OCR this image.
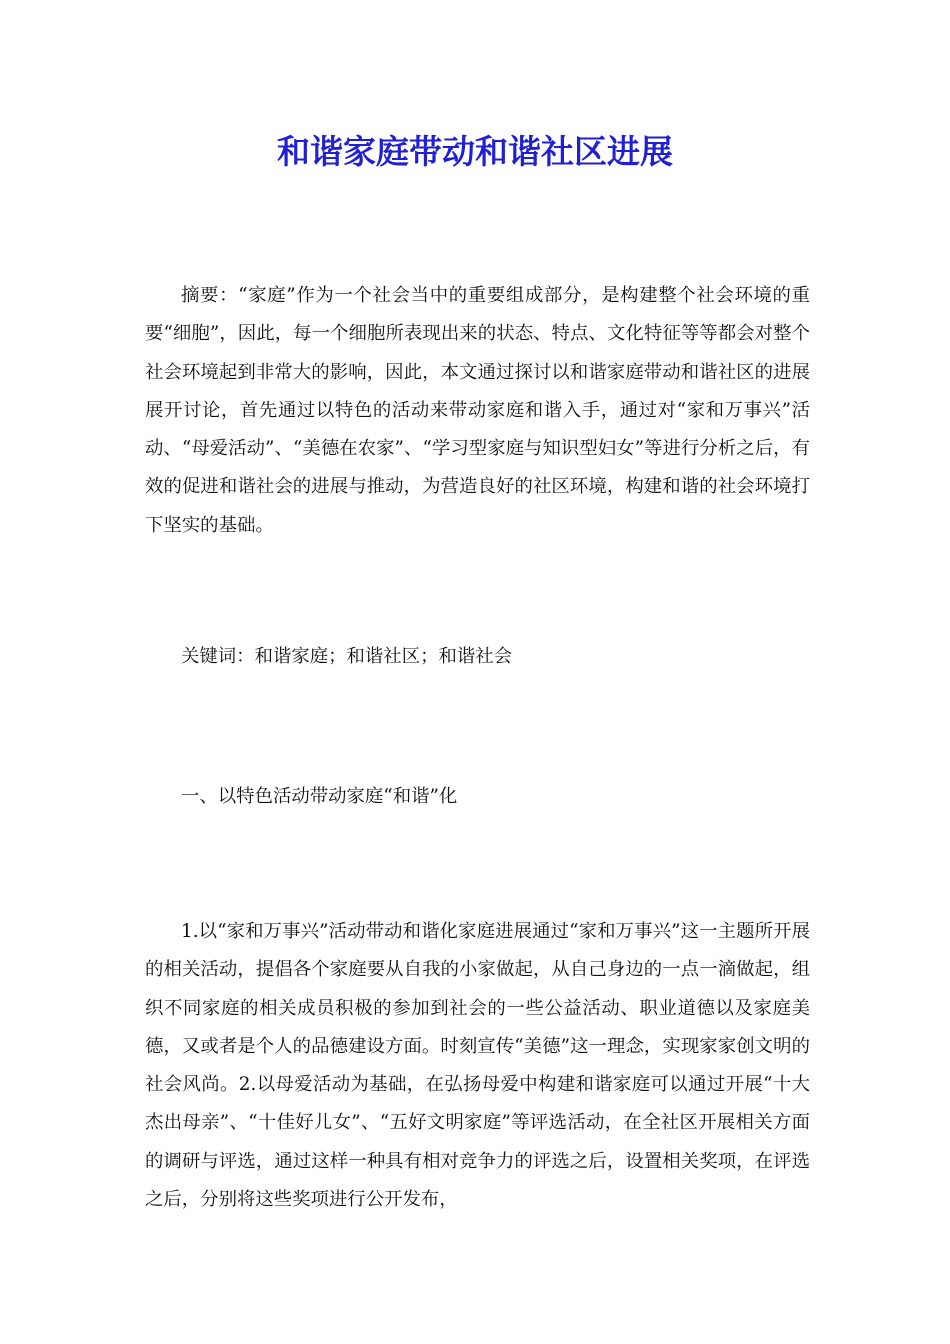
和谐家庭带动和谐社区进展

摘要：“家庭”作为一个社会当中的重要组成部分，是构建整个社会环境的重要“细胞”，因此，每一个细胞所表现出来的状态、特点、文化特征等等都会对整个社会环境起到非常大的影响，因此，本文通过探讨以和谐家庭带动和谐社区的进展展开讨论，首先通过以特色的活动来带动家庭和谐入手，通过对“家和万事兴”活动、“母爱活动”、“美德在农家”、“学习型家庭与知识型妇女”等进行分析之后，有效的促进和谐社会的进展与推动，为营造良好的社区环境，构建和谐的社会环境打下坚实的基础。

关键词：和谐家庭；和谐社区；和谐社会

一、以特色活动带动家庭“和谐”化

1.以“家和万事兴”活动带动和谐化家庭进展通过“家和万事兴”这一主题所开展的相关活动，提倡各个家庭要从自我的小家做起，从自己身边的一点一滴做起，组织不同家庭的相关成员积极的参加到社会的一些公益活动、职业道德以及家庭美德，又或者是个人的品德建设方面。时刻宣传“美德”这一理念，实现家家创文明的社会风尚。2.以母爱活动为基础，在弘扬母爱中构建和谐家庭可以通过开展“十大杰出母亲”、“十佳好儿女”、“五好文明家庭”等评选活动，在全社区开展相关方面的调研与评选，通过这样一种具有相对竞争力的评选之后，设置相关奖项，在评选之后，分别将这些奖项进行公开发布，
